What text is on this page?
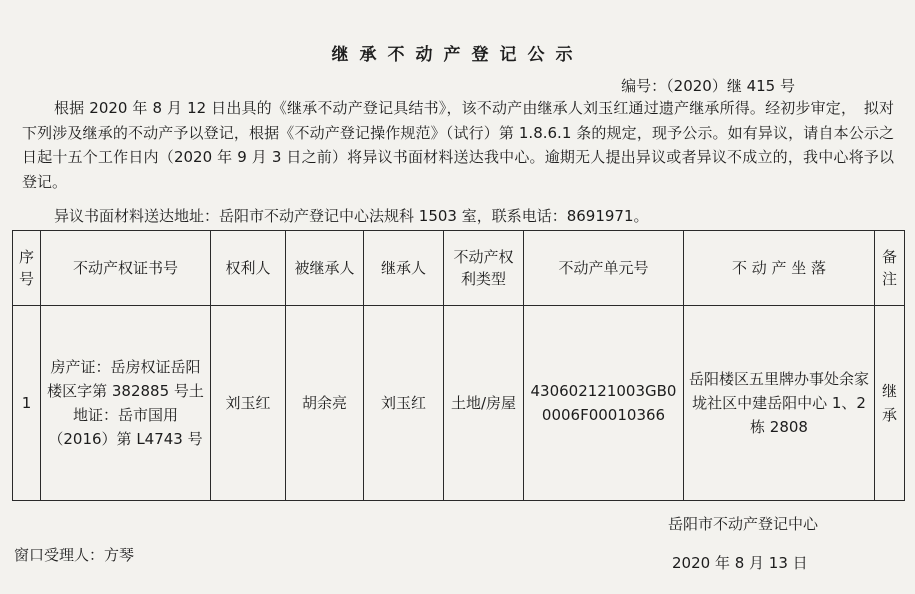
继承不动产登记公示
编号：（2020）继 415 号
根据 2020 年 8 月 12 日出具的《继承不动产登记具结书》，该不动产由继承人刘玉红通过遗产继承所得。经初步审定，　拟对下列涉及继承的不动产予以登记，根据《不动产登记操作规范》（试行）第 1.8.6.1 条的规定，现予公示。如有异议，请自本公示之日起十五个工作日内（2020 年 9 月 3 日之前）将异议书面材料送达我中心。逾期无人提出异议或者异议不成立的，我中心将予以登记。
异议书面材料送达地址：岳阳市不动产登记中心法规科 1503 室，联系电话：8691971。
序号	不动产权证书号	权利人	被继承人	继承人	不动产权利类型	不动产单元号	不 动 产 坐 落	备注
1	房产证：岳房权证岳阳楼区字第 382885 号土地证：岳市国用（2016）第 L4743 号	刘玉红	胡余亮	刘玉红	土地/房屋	430602121003GB00006F00010366	岳阳楼区五里牌办事处余家垅社区中建岳阳中心 1、2 栋 2808	继承
岳阳市不动产登记中心
窗口受理人：方琴	2020 年 8 月 13 日
